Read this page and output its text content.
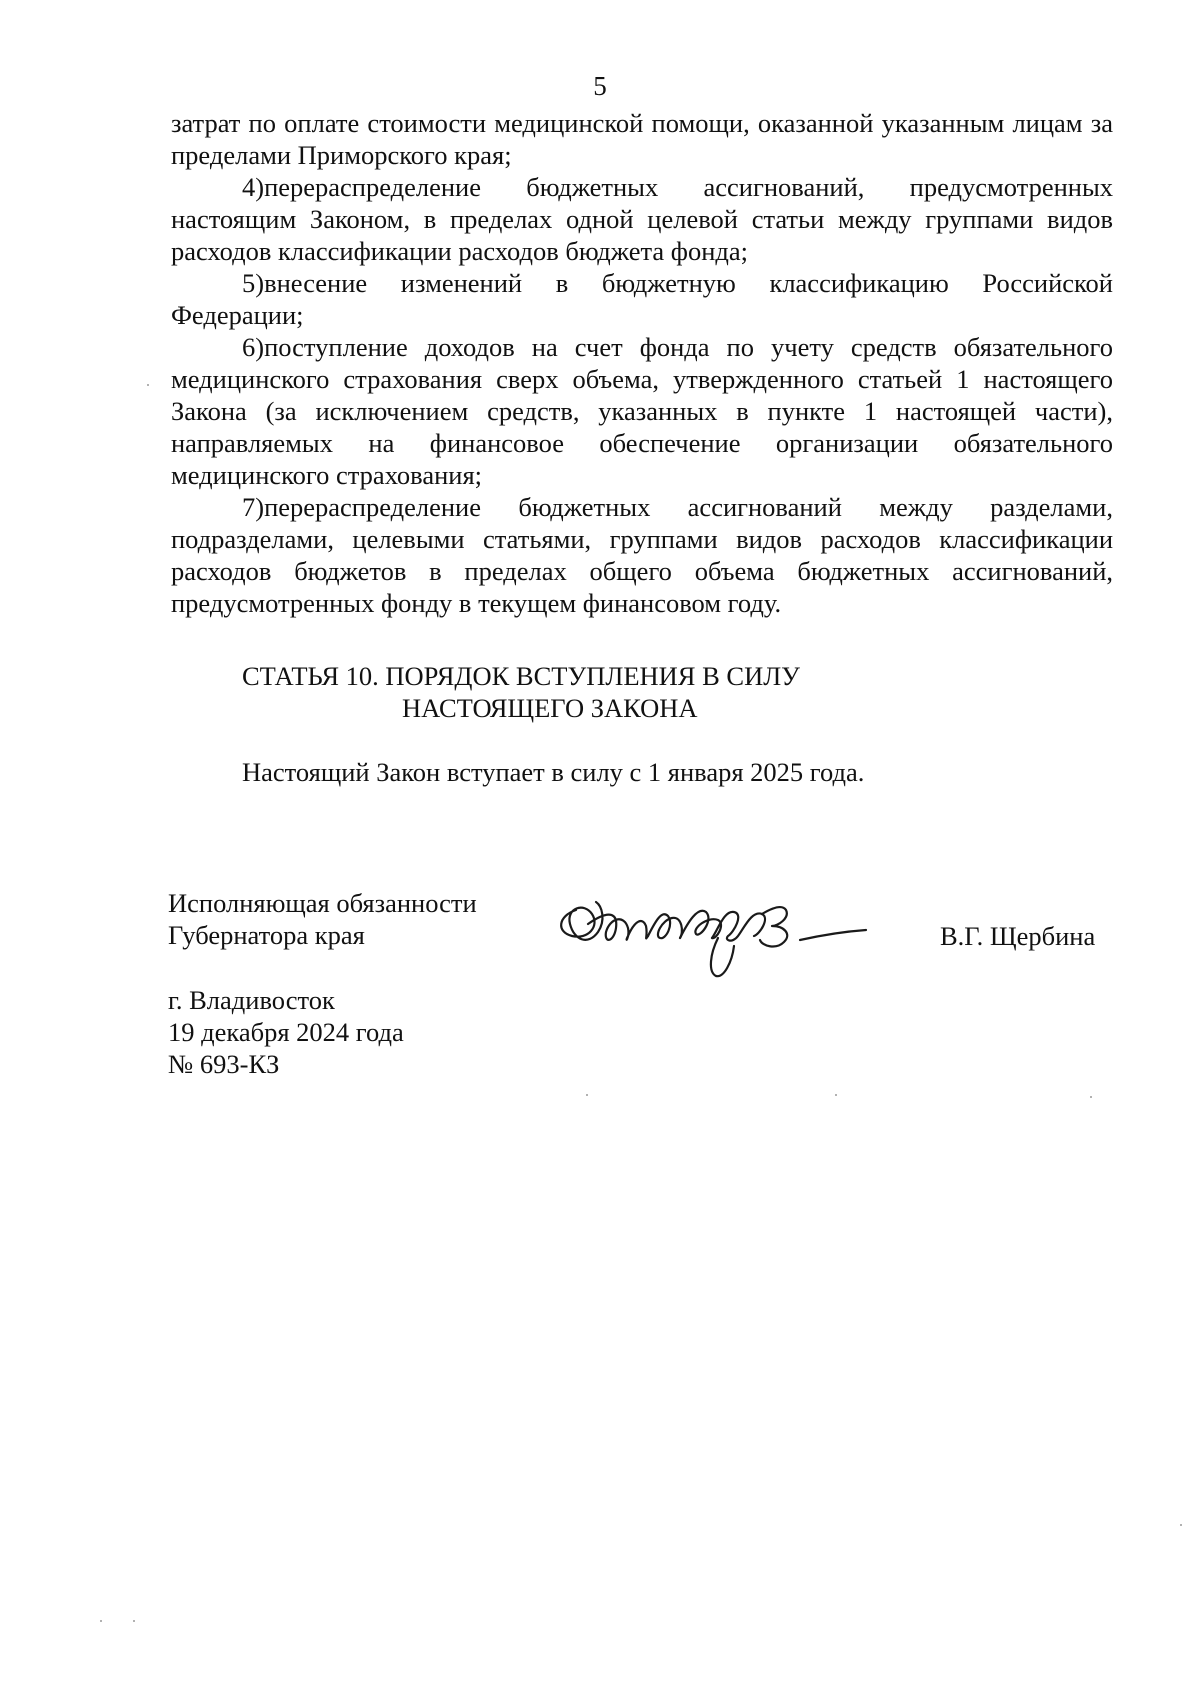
5

затрат по оплате стоимости медицинской помощи, оказанной указанным лицам за пределами Приморского края;

4)перераспределение бюджетных ассигнований, предусмотренных настоящим Законом, в пределах одной целевой статьи между группами видов расходов классификации расходов бюджета фонда;

5)внесение изменений в бюджетную классификацию Российской Федерации;

6)поступление доходов на счет фонда по учету средств обязательного медицинского страхования сверх объема, утвержденного статьей 1 настоящего Закона (за исключением средств, указанных в пункте 1 настоящей части), направляемых на финансовое обеспечение организации обязательного медицинского страхования;

7)перераспределение бюджетных ассигнований между разделами, подразделами, целевыми статьями, группами видов расходов классификации расходов бюджетов в пределах общего объема бюджетных ассигнований, предусмотренных фонду в текущем финансовом году.

СТАТЬЯ 10. ПОРЯДОК ВСТУПЛЕНИЯ В СИЛУ
НАСТОЯЩЕГО ЗАКОНА
Настоящий Закон вступает в силу с 1 января 2025 года.
Исполняющая обязанности
Губернатора края	В.Г. Щербина
г. Владивосток
19 декабря 2024 года
№ 693-КЗ
